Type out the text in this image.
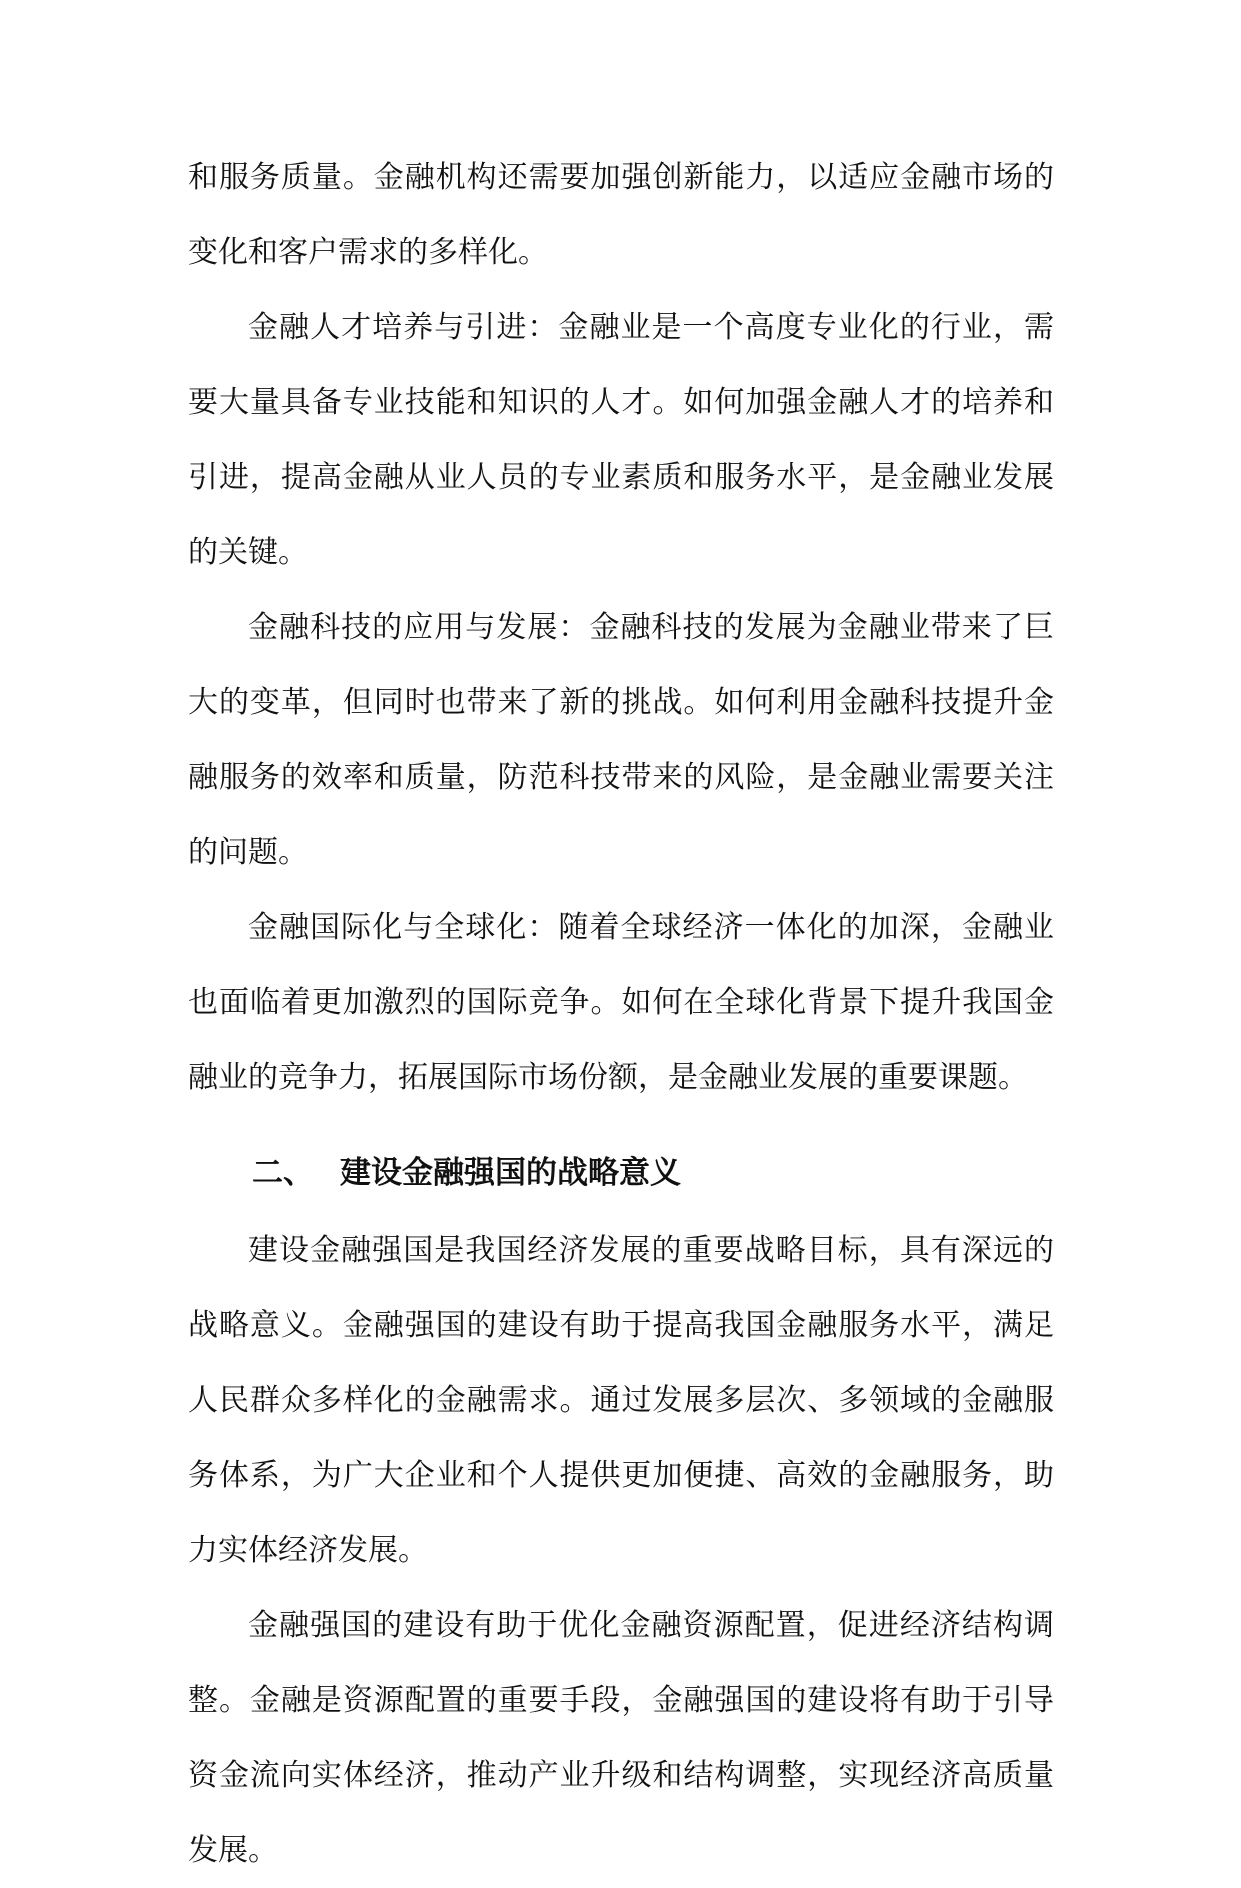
和服务质量。金融机构还需要加强创新能力，以适应金融市场的变化和客户需求的多样化。

金融人才培养与引进：金融业是一个高度专业化的行业，需要大量具备专业技能和知识的人才。如何加强金融人才的培养和引进，提高金融从业人员的专业素质和服务水平，是金融业发展的关键。

金融科技的应用与发展：金融科技的发展为金融业带来了巨大的变革，但同时也带来了新的挑战。如何利用金融科技提升金融服务的效率和质量，防范科技带来的风险，是金融业需要关注的问题。

金融国际化与全球化：随着全球经济一体化的加深，金融业也面临着更加激烈的国际竞争。如何在全球化背景下提升我国金融业的竞争力，拓展国际市场份额，是金融业发展的重要课题。

二、 建设金融强国的战略意义

建设金融强国是我国经济发展的重要战略目标，具有深远的战略意义。金融强国的建设有助于提高我国金融服务水平，满足人民群众多样化的金融需求。通过发展多层次、多领域的金融服务体系，为广大企业和个人提供更加便捷、高效的金融服务，助力实体经济发展。

金融强国的建设有助于优化金融资源配置，促进经济结构调整。金融是资源配置的重要手段，金融强国的建设将有助于引导资金流向实体经济，推动产业升级和结构调整，实现经济高质量发展。
